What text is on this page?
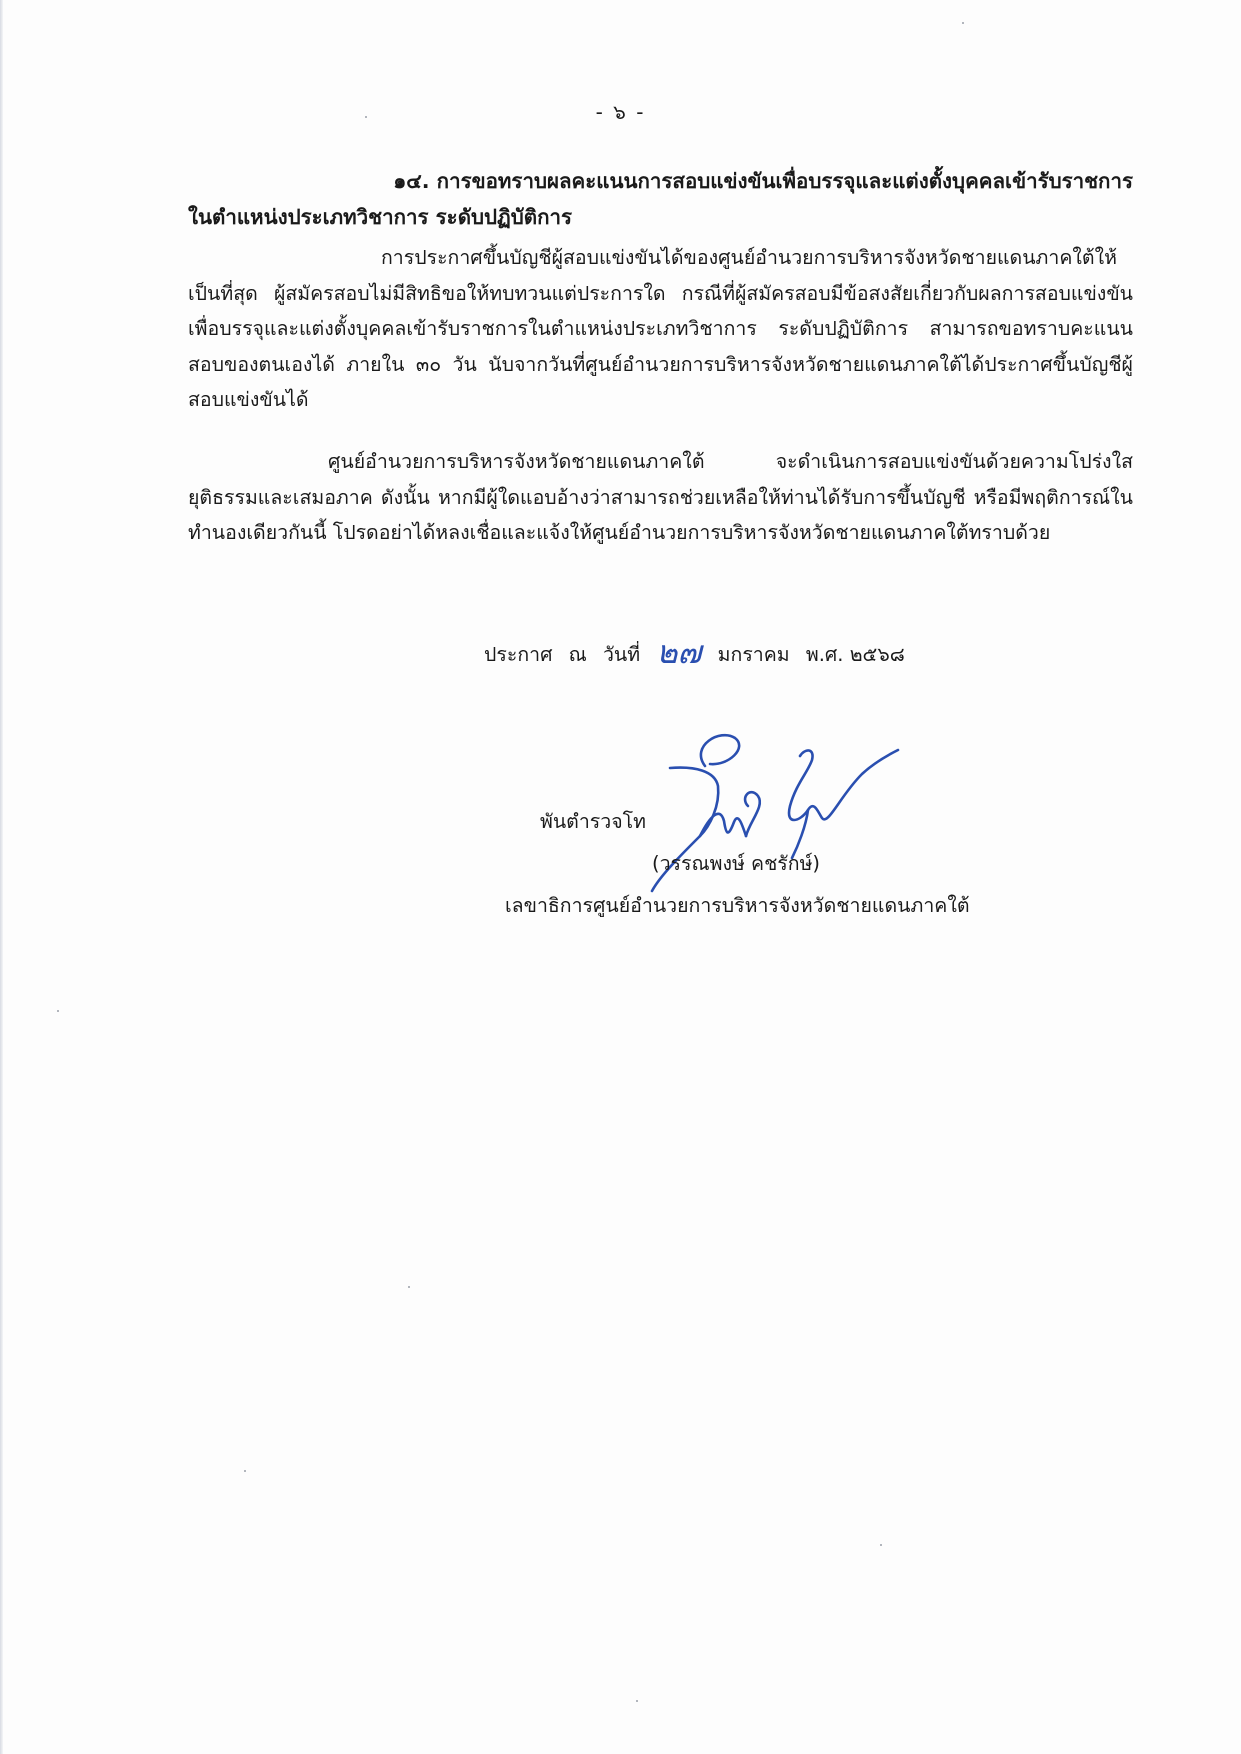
- ๖ -

๑๔. การขอทราบผลคะแนนการสอบแข่งขันเพื่อบรรจุและแต่งตั้งบุคคลเข้ารับราชการ

ในตำแหน่งประเภทวิชาการ ระดับปฏิบัติการ

การประกาศขึ้นบัญชีผู้สอบแข่งขันได้ของศูนย์อำนวยการบริหารจังหวัดชายแดนภาคใต้ให้เป็นที่สุด ผู้สมัครสอบไม่มีสิทธิขอให้ทบทวนแต่ประการใด กรณีที่ผู้สมัครสอบมีข้อสงสัยเกี่ยวกับผลการสอบแข่งขันเพื่อบรรจุและแต่งตั้งบุคคลเข้ารับราชการในตำแหน่งประเภทวิชาการ ระดับปฏิบัติการ สามารถขอทราบคะแนนสอบของตนเองได้ ภายใน ๓๐ วัน นับจากวันที่ศูนย์อำนวยการบริหารจังหวัดชายแดนภาคใต้ได้ประกาศขึ้นบัญชีผู้สอบแข่งขันได้

ศูนย์อำนวยการบริหารจังหวัดชายแดนภาคใต้ จะดำเนินการสอบแข่งขันด้วยความโปร่งใส ยุติธรรมและเสมอภาค ดังนั้น หากมีผู้ใดแอบอ้างว่าสามารถช่วยเหลือให้ท่านได้รับการขึ้นบัญชี หรือมีพฤติการณ์ในทำนองเดียวกันนี้ โปรดอย่าได้หลงเชื่อและแจ้งให้ศูนย์อำนวยการบริหารจังหวัดชายแดนภาคใต้ทราบด้วย

ประกาศ ณ วันที่ ๒๗ มกราคม พ.ศ. ๒๕๖๘
พันตำรวจโท
(วรรณพงษ์ คชรักษ์)
เลขาธิการศูนย์อำนวยการบริหารจังหวัดชายแดนภาคใต้
